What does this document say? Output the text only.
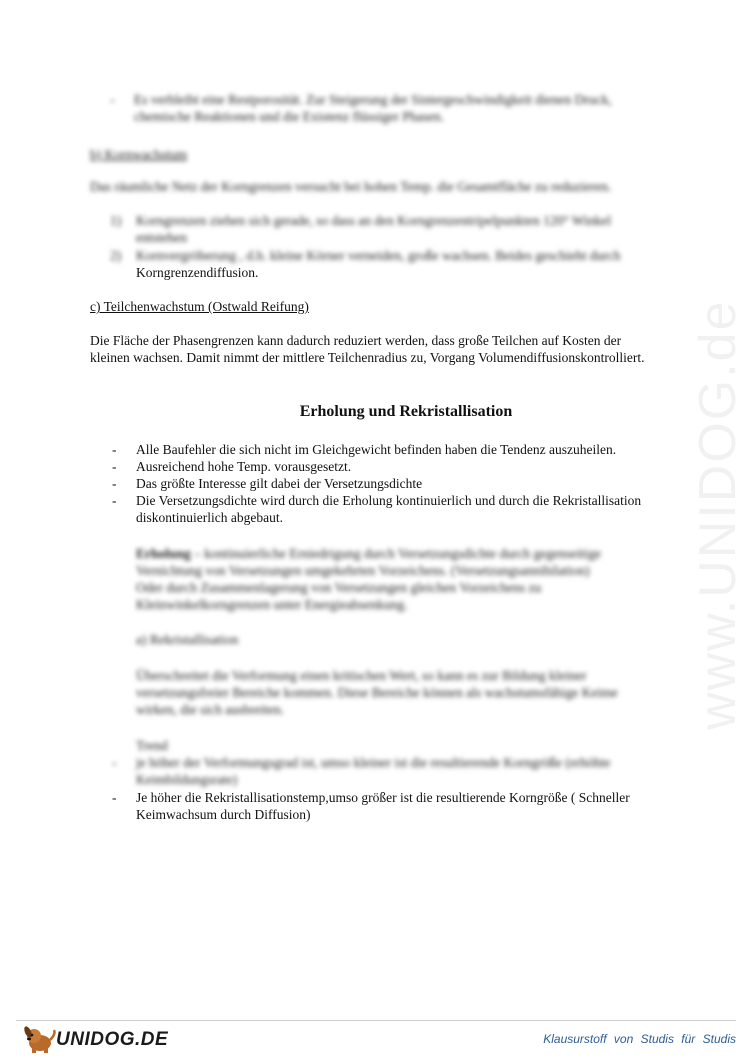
www.UNIDOG.de
- Es verbleibt eine Restporosität. Zur Steigerung der Sintergeschwindigkeit dienen Druck,
chemische Reaktionen und die Existenz flüssiger Phasen.
b) Kornwachstum
Das räumliche Netz der Korngrenzen versucht bei hohen Temp. die Gesamtfläche zu reduzieren.
1) Korngrenzen ziehen sich gerade, so dass an den Korngrenzentripelpunkten 120° Winkel
entstehen
2) Kornvergröberung , d.h. kleine Körner verneiden, große wachsen. Beides geschieht durch
Korngrenzendiffusion.
c) Teilchenwachstum (Ostwald Reifung)
Die Fläche der Phasengrenzen kann dadurch reduziert werden, dass große Teilchen auf Kosten der
kleinen wachsen. Damit nimmt der mittlere Teilchenradius zu, Vorgang Volumendiffusionskontrolliert.
Erholung und Rekristallisation
- Alle Baufehler die sich nicht im Gleichgewicht befinden haben die Tendenz auszuheilen.
- Ausreichend hohe Temp. vorausgesetzt.
- Das größte Interesse gilt dabei der Versetzungsdichte
- Die Versetzungsdichte wird durch die Erholung kontinuierlich und durch die Rekristallisation
diskontinuierlich abgebaut.
Erholung – kontinuierliche Erniedrigung durch Versetzungsdichte durch gegenseitige
Vernichtung von Versetzungen umgekehrten Vorzeichens. (Versetzungsannihilation)
Oder durch Zusammenlagerung von Versetzungen gleichen Vorzeichens zu
Kleinwinkelkorngrenzen unter Energieabsenkung.
a) Rekristallisation
Überschreitet die Verformung einen kritischen Wert, so kann es zur Bildung kleiner
versetzungsfreier Bereiche kommen. Diese Bereiche können als wachstumsfähige Keime
wirken, die sich ausbreiten.
Trend
- je höher der Verformungsgrad ist, umso kleiner ist die resultierende Korngröße (erhöhte
Keimbildungsrate)
- Je höher die Rekristallisationstemp,umso größer ist die resultierende Korngröße ( Schneller
Keimwachsum durch Diffusion)
UNIDOG.DE	Klausurstoff von Studis für Studis
